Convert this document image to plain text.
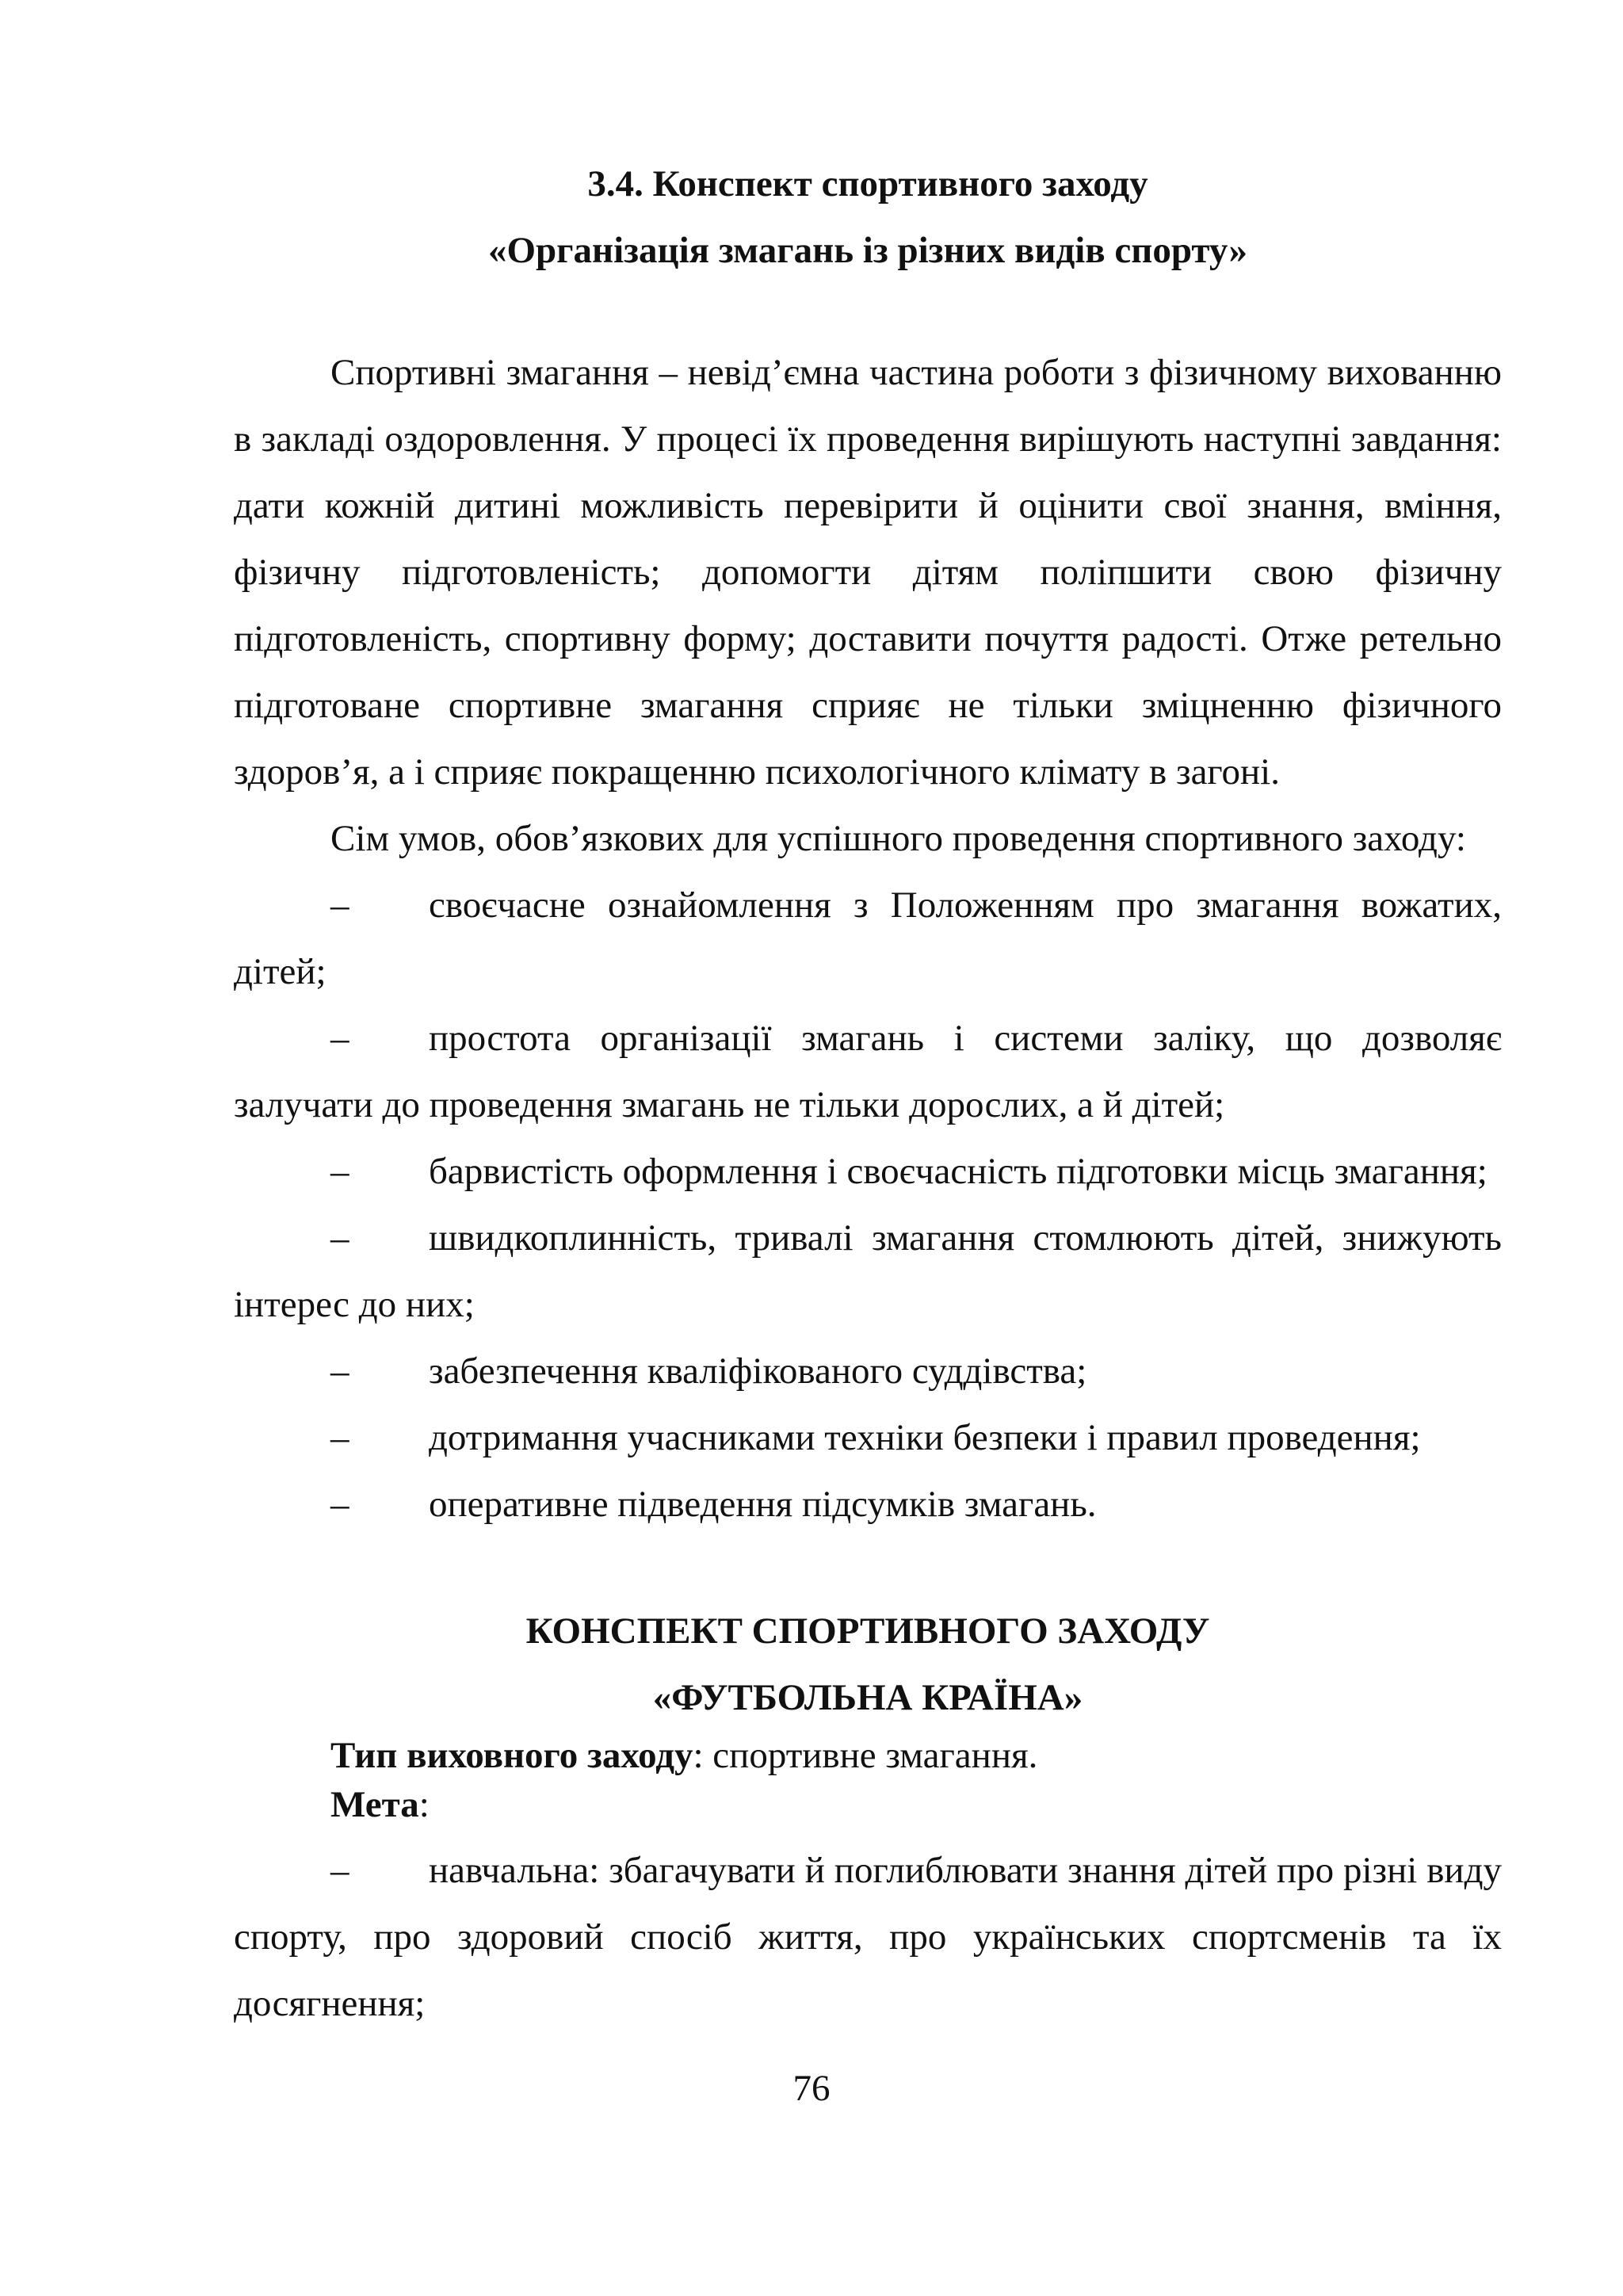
3.4. Конспект спортивного заходу
«Організація змагань із різних видів спорту»

Спортивні змагання – невід’ємна частина роботи з фізичному вихованню в закладі оздоровлення. У процесі їх проведення вирішують наступні завдання: дати кожній дитині можливість перевірити й оцінити свої знання, вміння, фізичну підготовленість; допомогти дітям поліпшити свою фізичну підготовленість, спортивну форму; доставити почуття радості. Отже ретельно підготоване спортивне змагання сприяє не тільки зміцненню фізичного здоров’я, а і сприяє покращенню психологічного клімату в загоні.

Сім умов, обов’язкових для успішного проведення спортивного заходу:

– своєчасне ознайомлення з Положенням про змагання вожатих, дітей;

– простота організації змагань і системи заліку, що дозволяє залучати до проведення змагань не тільки дорослих, а й дітей;

– барвистість оформлення і своєчасність підготовки місць змагання;

– швидкоплинність, тривалі змагання стомлюють дітей, знижують інтерес до них;

– забезпечення кваліфікованого суддівства;

– дотримання учасниками техніки безпеки і правил проведення;

– оперативне підведення підсумків змагань.

КОНСПЕКТ СПОРТИВНОГО ЗАХОДУ
«ФУТБОЛЬНА КРАЇНА»

Тип виховного заходу: спортивне змагання.

Мета:

– навчальна: збагачувати й поглиблювати знання дітей про різні виду спорту, про здоровий спосіб життя, про українських спортсменів та їх досягнення;

76
